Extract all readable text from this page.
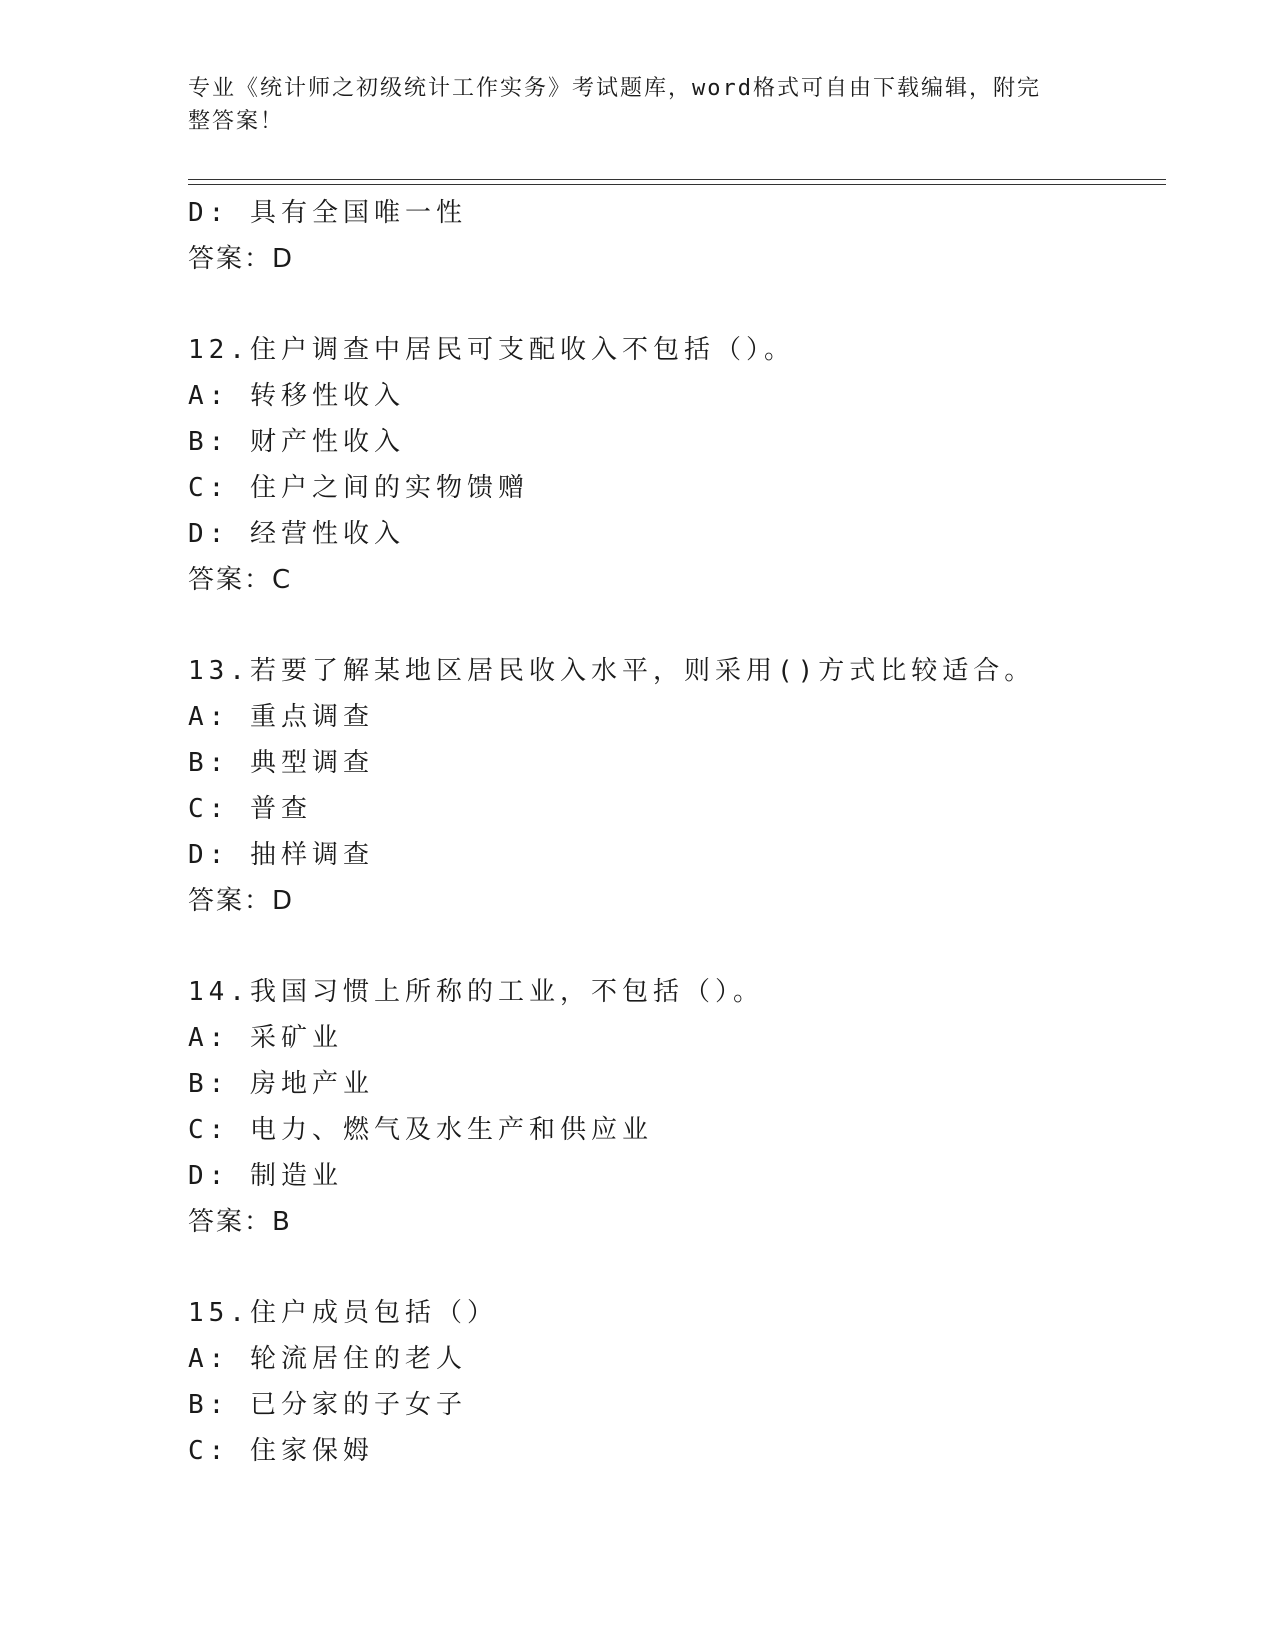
专业《统计师之初级统计工作实务》考试题库，word格式可自由下载编辑，附完
整答案！
D: 具有全国唯一性
答案：D
12.住户调查中居民可支配收入不包括（）。
A: 转移性收入
B: 财产性收入
C: 住户之间的实物馈赠
D: 经营性收入
答案：C
13.若要了解某地区居民收入水平，则采用()方式比较适合。
A: 重点调查
B: 典型调查
C: 普查
D: 抽样调查
答案：D
14.我国习惯上所称的工业，不包括（）。
A: 采矿业
B: 房地产业
C: 电力、燃气及水生产和供应业
D: 制造业
答案：B
15.住户成员包括（）
A: 轮流居住的老人
B: 已分家的子女子
C: 住家保姆
